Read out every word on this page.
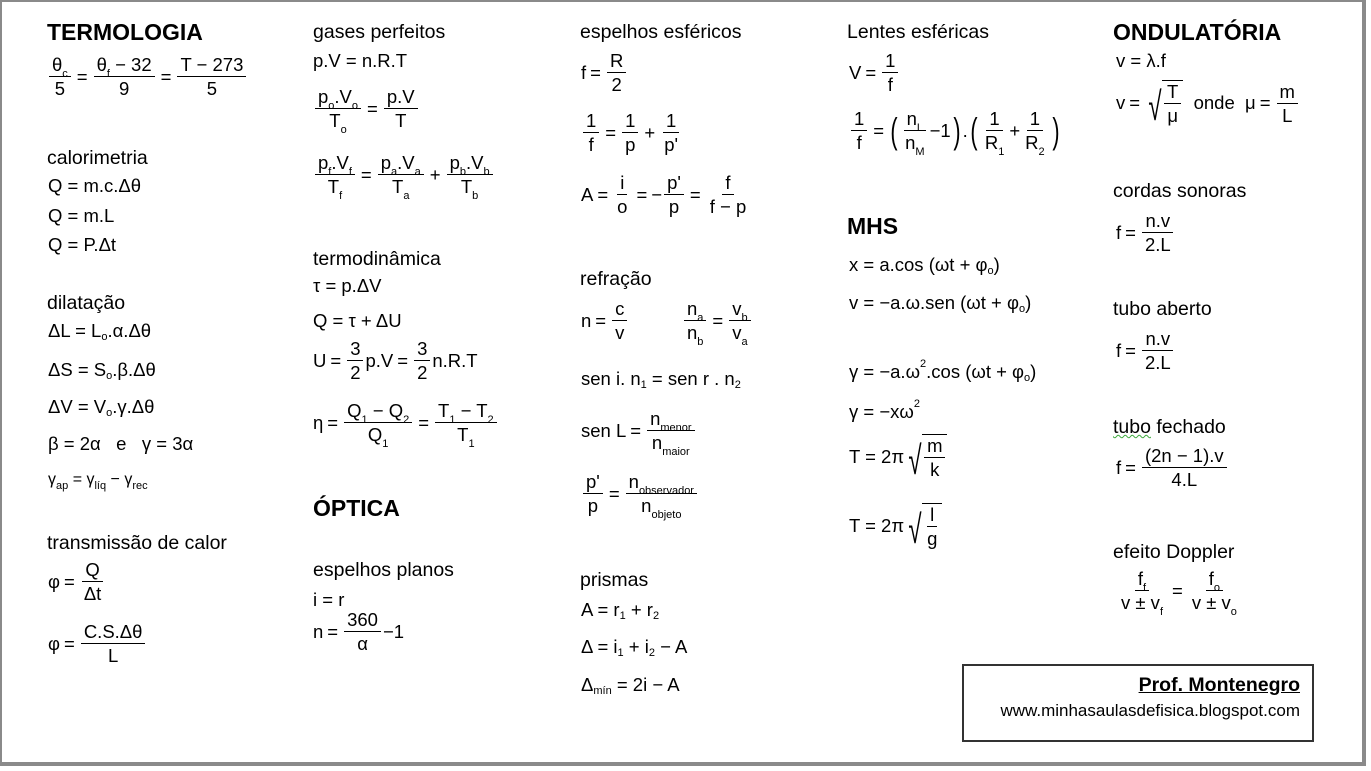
TERMOLOGIA
$\frac{\theta_c}{5} = \frac{\theta_f - 32}{9} = \frac{T - 273}{5}$
calorimetria
Q = m.c.Δθ
Q = m.L
Q = P.Δt
dilatação
ΔL = L o .α.Δθ
ΔS = S o .β.Δθ
ΔV = V o .γ.Δθ
β = 2α e γ = 3α
γ ap = γ líq − γ rec
transmissão de calor
$\varphi = \frac{Q}{\Delta t}$
$\varphi = \frac{C.S.\Delta\theta}{L}$
gases perfeitos
p.V = n.R.T
$\frac{p_o.V_o}{T_o} = \frac{p.V}{T}$
$\frac{p_f.V_f}{T_f} = \frac{p_a.V_a}{T_a} + \frac{p_b.V_b}{T_b}$
termodinâmica
τ = p.ΔV
Q = τ + ΔU
$U = \frac{3}{2} p.V = \frac{3}{2} n.R.T$
$\eta = \frac{Q_1 - Q_2}{Q_1} = \frac{T_1 - T_2}{T_1}$
ÓPTICA
espelhos planos
i = r
$n = \frac{360}{\alpha} -1$
espelhos esféricos
$f = \frac{R}{2}$
$\frac{1}{f} = \frac{1}{p} + \frac{1}{p'}$
$A = \frac{i}{o}$ = − $\frac{p'}{p} = \frac{f}{f - p}$
refração
$n = \frac{c}{v}$	$\frac{n_a}{n_b} = \frac{v_b}{v_a}$
sen i. n 1 = sen r . n 2
sen $L = \frac{n_{menor}}{n_{maior}}$
$\frac{p'}{p} = \frac{n_{observador}}{n_{objeto}}$
prismas
A = r 1 + r 2
Δ = i 1 + i 2 − A
Δ mín = 2i − A
Lentes esféricas
$V = \frac{1}{f}$
$\frac{1}{f}$ = ( $\frac{n_L}{n_M} -1$ ) . ( $\frac{1}{R_1} + \frac{1}{R_2}$ )
MHS
x = a.cos (ωt + φ o )
v = −a.ω.sen (ωt + φ o )
γ = −a.ω 2 .cos (ωt + φ o )
γ = −xω 2
T = 2π √ $\frac{m}{k}$
T = 2π √ $\frac{l}{g}$
ONDULATÓRIA
v = λ.f
v = √ $\frac{T}{\mu}$
onde $\mu = \frac{m}{L}$
cordas sonoras
$f = \frac{n.v}{2.L}$
tubo aberto
$f = \frac{n.v}{2.L}$
tubo fechado
$f = \frac{(2n - 1).v}{4.L}$
efeito Doppler
$\frac{f_f}{v \pm v_f} = \frac{f_o}{v \pm v_o}$
Prof. Montenegro
www.minhasaulasdefisica.blogspot.com
